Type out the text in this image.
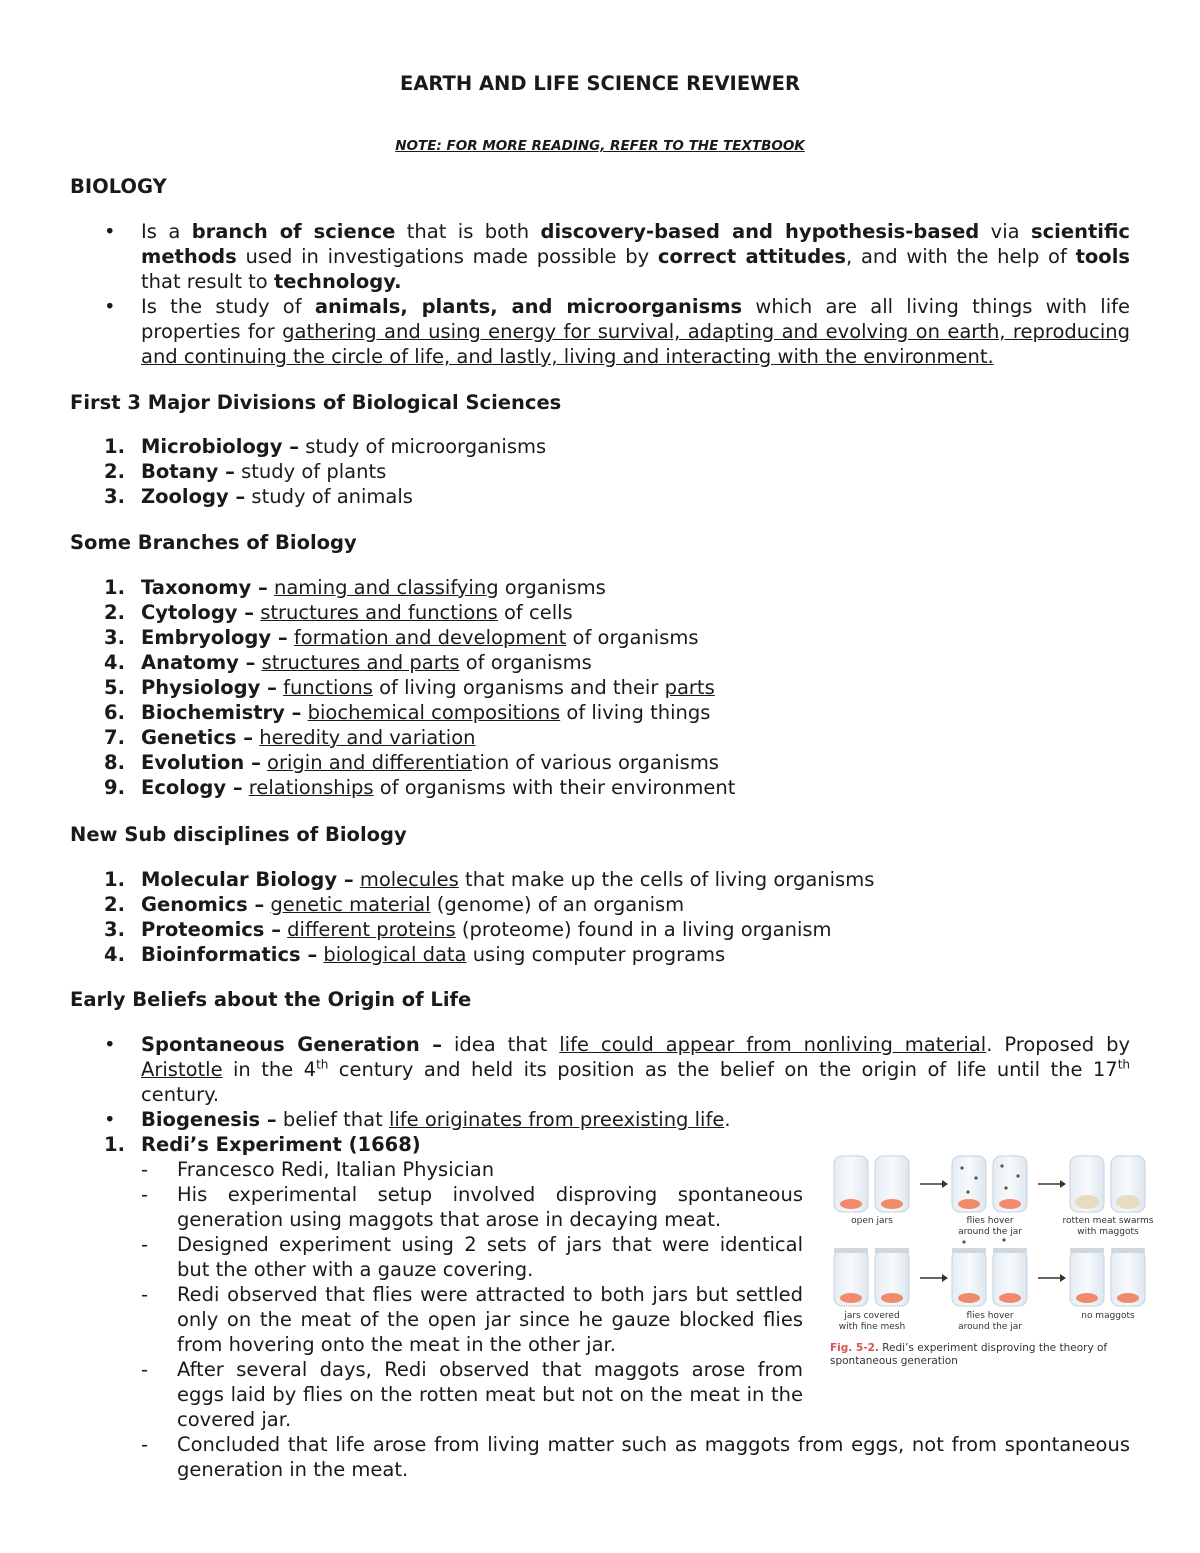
EARTH AND LIFE SCIENCE REVIEWER
NOTE: FOR MORE READING, REFER TO THE TEXTBOOK
BIOLOGY
• Is a branch of science that is both discovery-based and hypothesis-based via scientific methods used in investigations made possible by correct attitudes, and with the help of tools that result to technology.
• Is the study of animals, plants, and microorganisms which are all living things with life properties for gathering and using energy for survival, adapting and evolving on earth, reproducing and continuing the circle of life, and lastly, living and interacting with the environment.
First 3 Major Divisions of Biological Sciences
1. Microbiology – study of microorganisms
2. Botany – study of plants
3. Zoology – study of animals
Some Branches of Biology
1. Taxonomy – naming and classifying organisms
2. Cytology – structures and functions of cells
3. Embryology – formation and development of organisms
4. Anatomy – structures and parts of organisms
5. Physiology – functions of living organisms and their parts
6. Biochemistry – biochemical compositions of living things
7. Genetics – heredity and variation
8. Evolution – origin and differentiation of various organisms
9. Ecology – relationships of organisms with their environment
New Sub disciplines of Biology
1. Molecular Biology – molecules that make up the cells of living organisms
2. Genomics – genetic material (genome) of an organism
3. Proteomics – different proteins (proteome) found in a living organism
4. Bioinformatics – biological data using computer programs
Early Beliefs about the Origin of Life
• Spontaneous Generation – idea that life could appear from nonliving material. Proposed by Aristotle in the 4th century and held its position as the belief on the origin of life until the 17th century.
• Biogenesis – belief that life originates from preexisting life.
1. Redi’s Experiment (1668)
- Francesco Redi, Italian Physician
- His experimental setup involved disproving spontaneous generation using maggots that arose in decaying meat.
- Designed experiment using 2 sets of jars that were identical but the other with a gauze covering.
- Redi observed that flies were attracted to both jars but settled only on the meat of the open jar since he gauze blocked flies from hovering onto the meat in the other jar.
- After several days, Redi observed that maggots arose from eggs laid by flies on the rotten meat but not on the meat in the covered jar.
- Concluded that life arose from living matter such as maggots from eggs, not from spontaneous generation in the meat.
open jars	flies hover
around the jar
rotten meat swarms
with maggots
jars covered
with fine mesh
flies hover
around the jar
no maggots
Fig. 5-2. Redi’s experiment disproving the theory of spontaneous generation
